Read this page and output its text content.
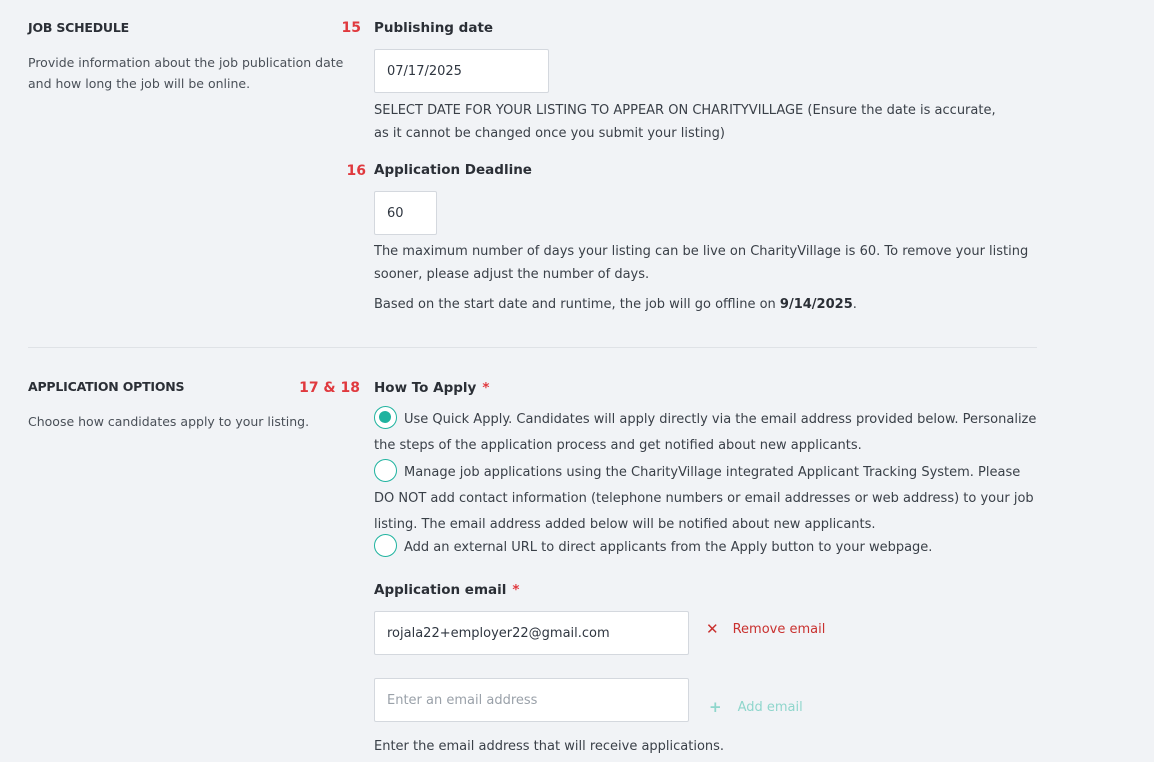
JOB SCHEDULE
Provide information about the job publication date and how long the job will be online.
15 Publishing date
07/17/2025
SELECT DATE FOR YOUR LISTING TO APPEAR ON CHARITYVILLAGE (Ensure the date is accurate, as it cannot be changed once you submit your listing)
16 Application Deadline
60
The maximum number of days your listing can be live on CharityVillage is 60. To remove your listing sooner, please adjust the number of days.
Based on the start date and runtime, the job will go offline on 9/14/2025.
APPLICATION OPTIONS
Choose how candidates apply to your listing.
17 & 18 How To Apply *
Use Quick Apply. Candidates will apply directly via the email address provided below. Personalize the steps of the application process and get notified about new applicants.
Manage job applications using the CharityVillage integrated Applicant Tracking System. Please DO NOT add contact information (telephone numbers or email addresses or web address) to your job listing. The email address added below will be notified about new applicants.
Add an external URL to direct applicants from the Apply button to your webpage.
Application email *
rojala22+employer22@gmail.com	✕ Remove email
Enter an email address	+ Add email
Enter the email address that will receive applications.
